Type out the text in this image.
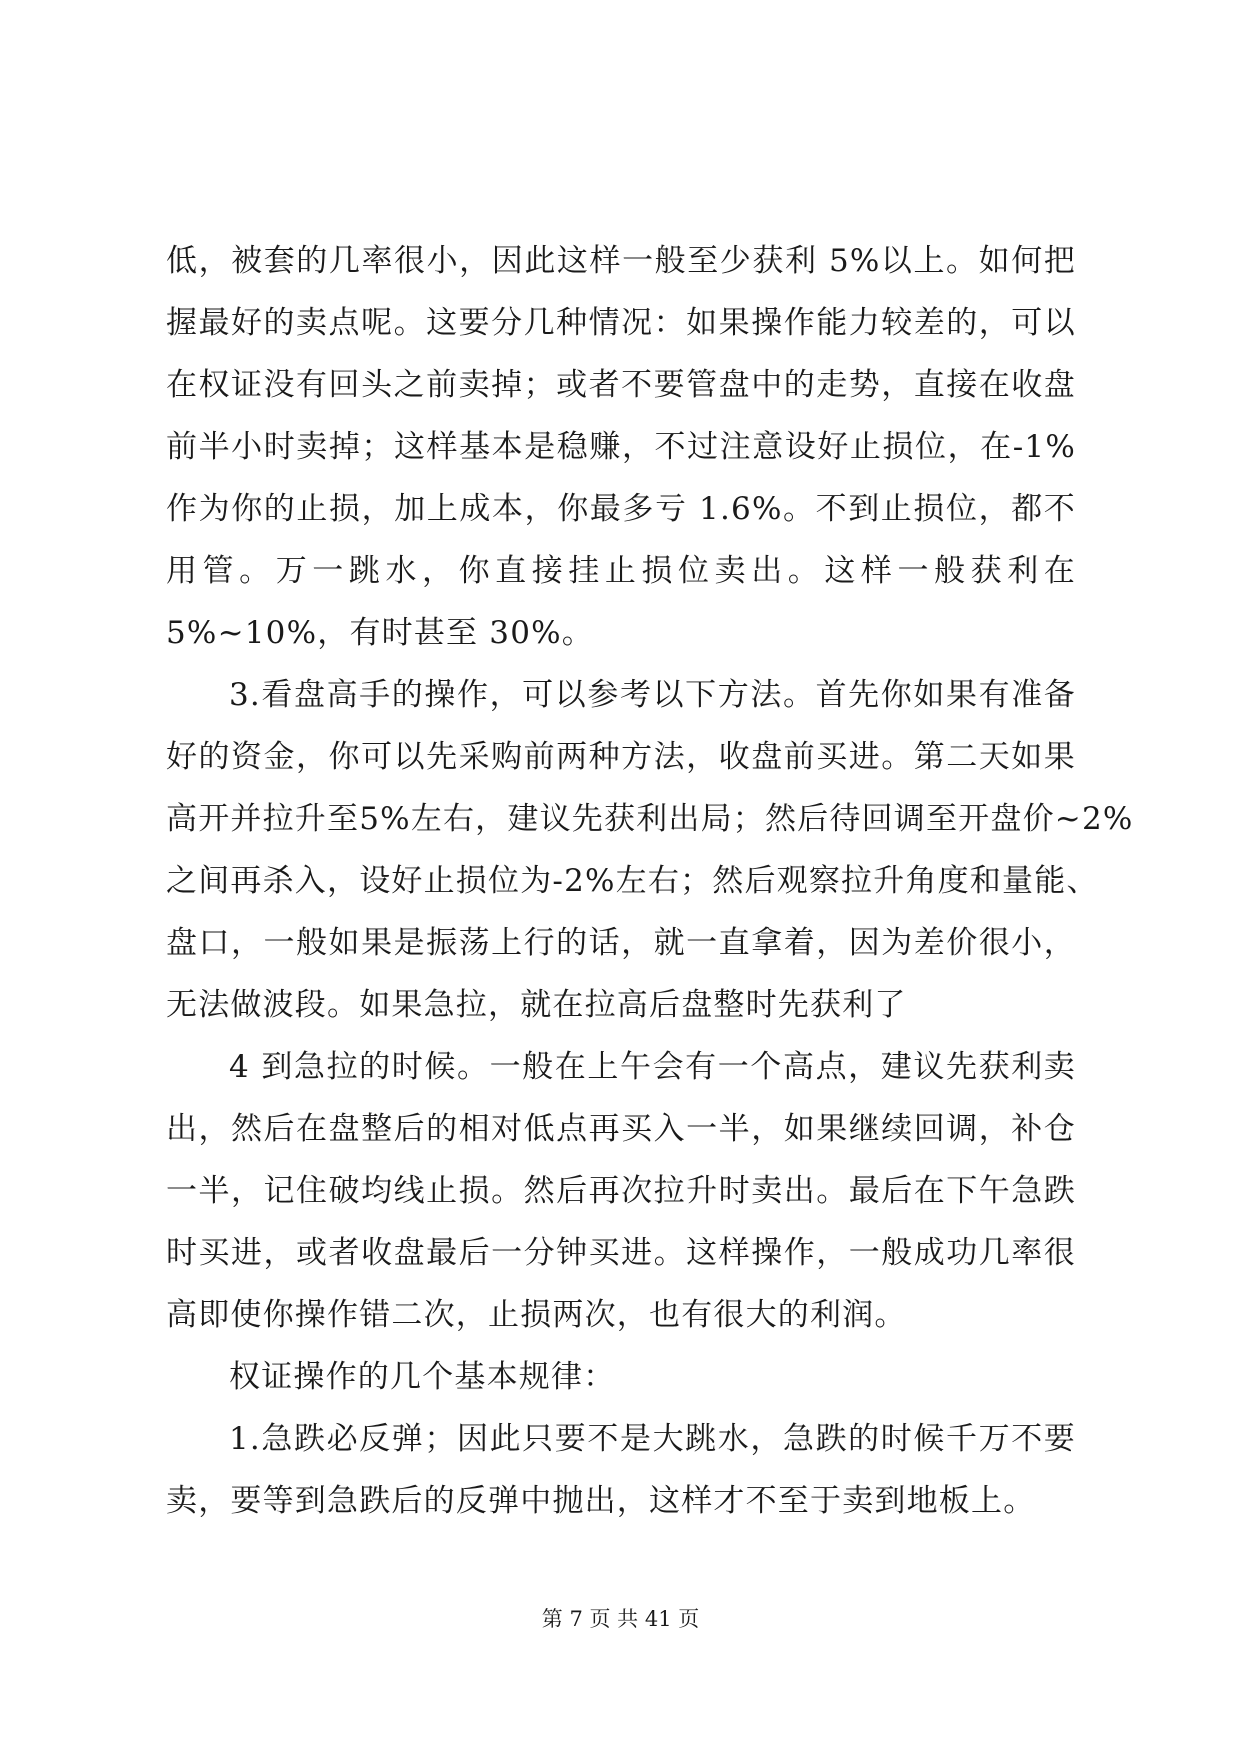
低，被套的几率很小，因此这样一般至少获利 5%以上。如何把
握最好的卖点呢。这要分几种情况：如果操作能力较差的，可以
在权证没有回头之前卖掉；或者不要管盘中的走势，直接在收盘
前半小时卖掉；这样基本是稳赚，不过注意设好止损位，在-1%
作为你的止损，加上成本，你最多亏 1.6%。不到止损位，都不
用管。万一跳水，你直接挂止损位卖出。这样一般获利在
5%~10%，有时甚至 30%。
3.看盘高手的操作，可以参考以下方法。首先你如果有准备
好的资金，你可以先采购前两种方法，收盘前买进。第二天如果
高开并拉升至5%左右，建议先获利出局；然后待回调至开盘价~2%
之间再杀入，设好止损位为-2%左右；然后观察拉升角度和量能、
盘口，一般如果是振荡上行的话，就一直拿着，因为差价很小，
无法做波段。如果急拉，就在拉高后盘整时先获利了
4 到急拉的时候。一般在上午会有一个高点，建议先获利卖
出，然后在盘整后的相对低点再买入一半，如果继续回调，补仓
一半，记住破均线止损。然后再次拉升时卖出。最后在下午急跌
时买进，或者收盘最后一分钟买进。这样操作，一般成功几率很
高即使你操作错二次，止损两次，也有很大的利润。
权证操作的几个基本规律：
1.急跌必反弹；因此只要不是大跳水，急跌的时候千万不要
卖，要等到急跌后的反弹中抛出，这样才不至于卖到地板上。
第 7 页 共 41 页
